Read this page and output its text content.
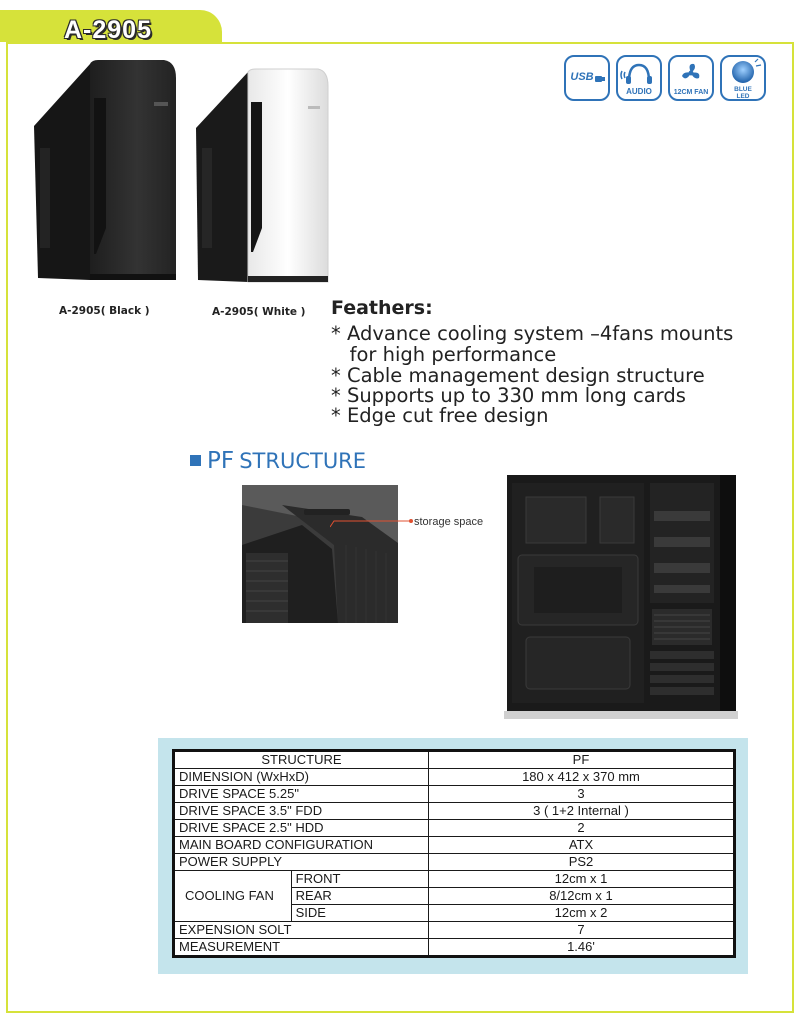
A-2905
USB
AUDIO	12CM FAN	BLUE
LED
A-2905( Black )	A-2905( White ) Feathers:
* Advance cooling system –4fans mounts
for high performance
* Cable management design structure
* Supports up to 330 mm long cards
* Edge cut free design
PF STRUCTURE
storage space
STRUCTURE		PF
DIMENSION (WxHxD)		180 x 412 x 370 mm
DRIVE SPACE 5.25"		3
DRIVE SPACE 3.5" FDD		3 ( 1+2 Internal )
DRIVE SPACE 2.5" HDD		2
MAIN BOARD CONFIGURATION		ATX
POWER SUPPLY		PS2
COOLING FAN	FRONT	12cm x 1
	REAR	8/12cm x 1
	SIDE	12cm x 2
EXPENSION SOLT		7
MEASUREMENT		1.46'
